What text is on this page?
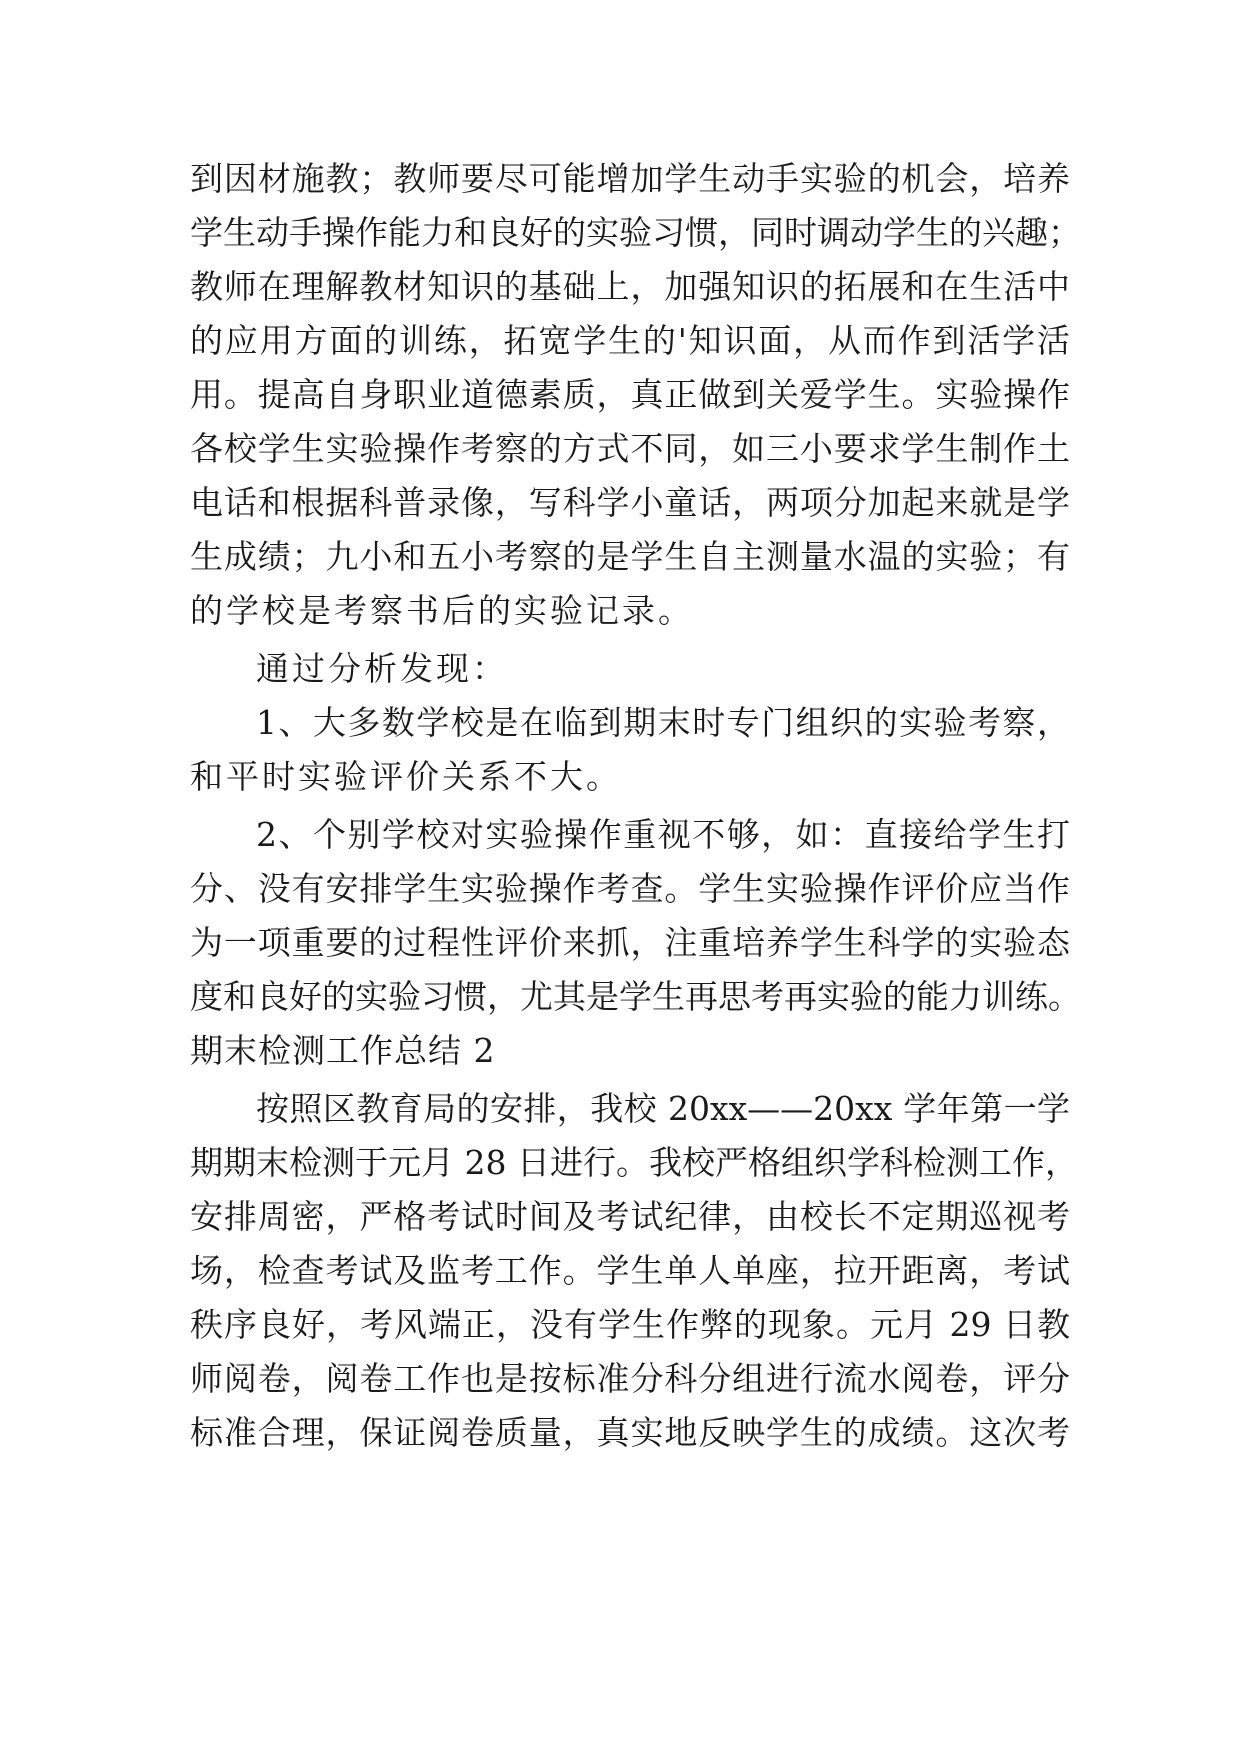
到因材施教；教师要尽可能增加学生动手实验的机会，培养
学生动手操作能力和良好的实验习惯，同时调动学生的兴趣；
教师在理解教材知识的基础上，加强知识的拓展和在生活中
的应用方面的训练，拓宽学生的'知识面，从而作到活学活
用。提高自身职业道德素质，真正做到关爱学生。实验操作
各校学生实验操作考察的方式不同，如三小要求学生制作土
电话和根据科普录像，写科学小童话，两项分加起来就是学
生成绩；九小和五小考察的是学生自主测量水温的实验；有
的学校是考察书后的实验记录。
通过分析发现：
1、大多数学校是在临到期末时专门组织的实验考察，
和平时实验评价关系不大。
2、个别学校对实验操作重视不够，如：直接给学生打
分、没有安排学生实验操作考查。学生实验操作评价应当作
为一项重要的过程性评价来抓，注重培养学生科学的实验态
度和良好的实验习惯，尤其是学生再思考再实验的能力训练。
期末检测工作总结 2
按照区教育局的安排，我校 20xx——20xx 学年第一学
期期末检测于元月 28 日进行。我校严格组织学科检测工作，
安排周密，严格考试时间及考试纪律，由校长不定期巡视考
场，检查考试及监考工作。学生单人单座，拉开距离，考试
秩序良好，考风端正，没有学生作弊的现象。元月 29 日教
师阅卷，阅卷工作也是按标准分科分组进行流水阅卷，评分
标准合理，保证阅卷质量，真实地反映学生的成绩。这次考
